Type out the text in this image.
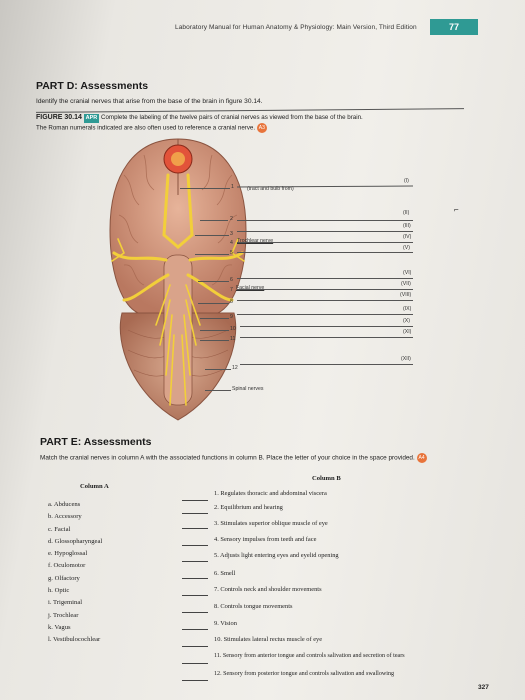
Laboratory Manual for Human Anatomy & Physiology: Main Version, Third Edition	77
PART D: Assessments
Identify the cranial nerves that arise from the base of the brain in figure 30.14.
FIGURE 30.14 APR Complete the labeling of the twelve pairs of cranial nerves as viewed from the base of the brain.
The Roman numerals indicated are also often used to reference a cranial nerve. A3
1	(tract and bulb from)
(I)
2
(II)
3
(III)
4 Trochlear nerve
(IV)
5
(V)
6
(VI)
7 Facial nerve
(VII)
8
(VIII)
9
(IX)
10
(X)
11
(XI)
(XII)
12
Spinal nerves
⌐
PART E: Assessments
Match the cranial nerves in column A with the associated functions in column B. Place the letter of your choice in the space provided. A4
Column A
Column B
a. Abducens
b. Accessory
c. Facial
d. Glossopharyngeal
e. Hypoglossal
f. Oculomotor
g. Olfactory
h. Optic
i. Trigeminal
j. Trochlear
k. Vagus
l. Vestibulocochlear
1. Regulates thoracic and abdominal viscera
2. Equilibrium and hearing
3. Stimulates superior oblique muscle of eye
4. Sensory impulses from teeth and face
5. Adjusts light entering eyes and eyelid opening
6. Smell
7. Controls neck and shoulder movements
8. Controls tongue movements
9. Vision
10. Stimulates lateral rectus muscle of eye
11. Sensory from anterior tongue and controls salivation and secretion of tears
12. Sensory from posterior tongue and controls salivation and swallowing
327
